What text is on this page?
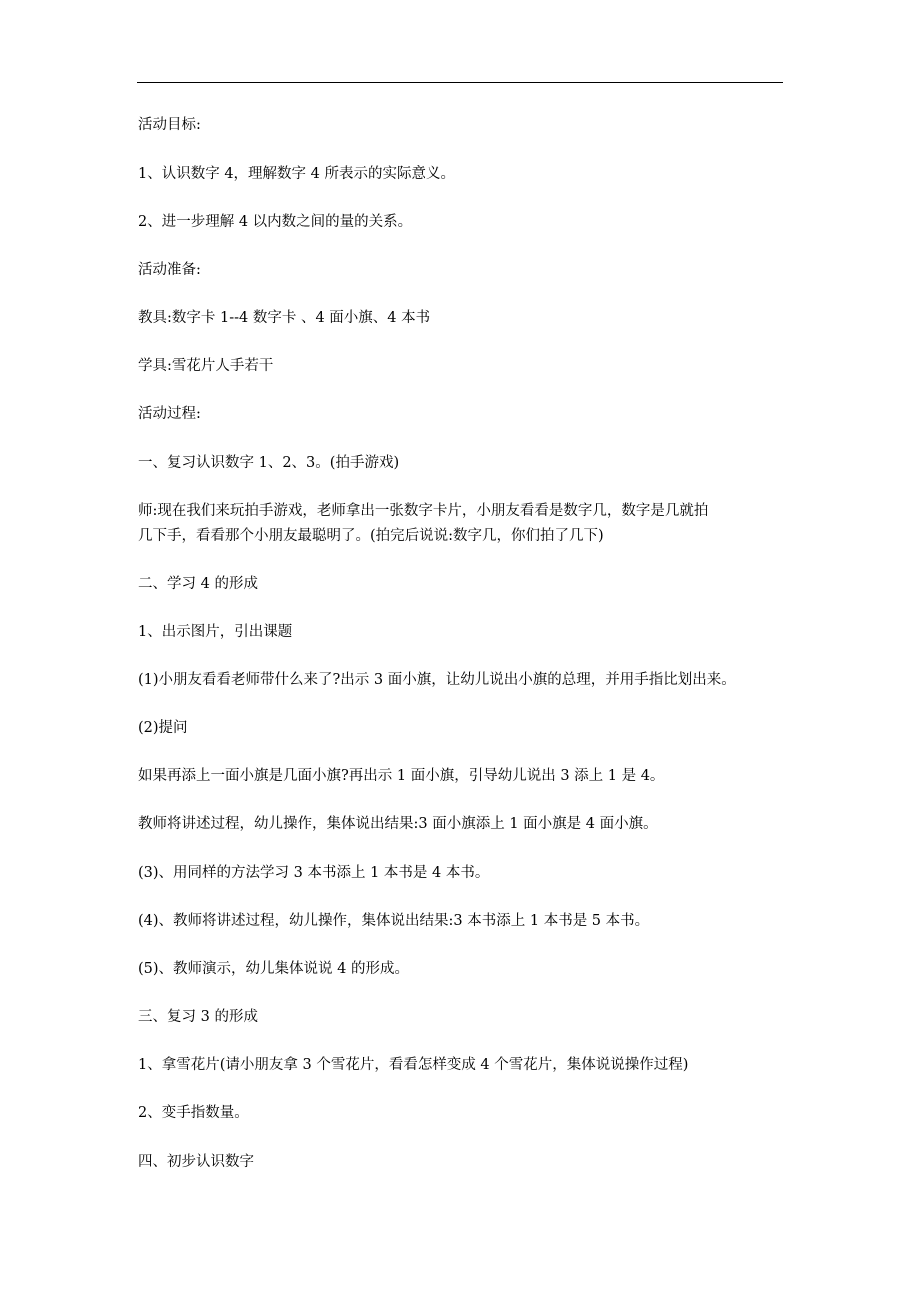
活动目标:
1、认识数字 4，理解数字 4 所表示的实际意义。
2、进一步理解 4 以内数之间的量的关系。
活动准备:
教具:数字卡 1--4 数字卡 、4 面小旗、4 本书
学具:雪花片人手若干
活动过程:
一、复习认识数字 1、2、3。(拍手游戏)
师:现在我们来玩拍手游戏，老师拿出一张数字卡片，小朋友看看是数字几，数字是几就拍
几下手，看看那个小朋友最聪明了。(拍完后说说:数字几，你们拍了几下)
二、学习 4 的形成
1、出示图片，引出课题
(1)小朋友看看老师带什么来了?出示 3 面小旗，让幼儿说出小旗的总理，并用手指比划出来。
(2)提问
如果再添上一面小旗是几面小旗?再出示 1 面小旗，引导幼儿说出 3 添上 1 是 4。
教师将讲述过程，幼儿操作，集体说出结果:3 面小旗添上 1 面小旗是 4 面小旗。
(3)、用同样的方法学习 3 本书添上 1 本书是 4 本书。
(4)、教师将讲述过程，幼儿操作，集体说出结果:3 本书添上 1 本书是 5 本书。
(5)、教师演示，幼儿集体说说 4 的形成。
三、复习 3 的形成
1、拿雪花片(请小朋友拿 3 个雪花片，看看怎样变成 4 个雪花片，集体说说操作过程)
2、变手指数量。
四、初步认识数字
